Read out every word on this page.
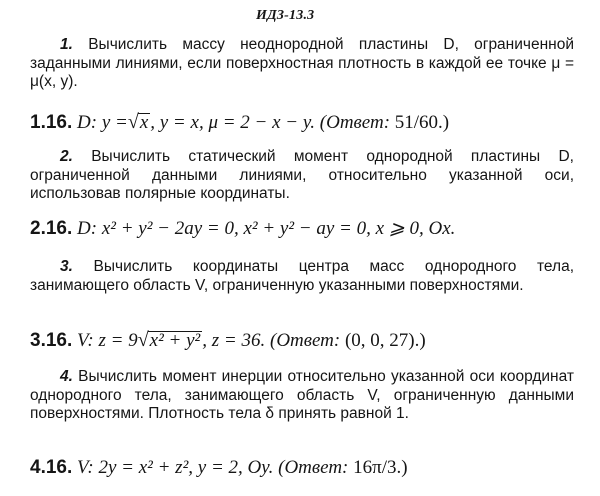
ИДЗ-13.3
1. Вычислить массу неоднородной пластины D, ограниченной заданными линиями, если поверхностная плотность в каждой ее точке μ = μ(x, y).
1.16. D: y =√x , y = x, μ = 2 − x − y. (Ответ: 51/60.)
2. Вычислить статический момент однородной пластины D, ограниченной данными линиями, относительно указанной оси, использовав полярные координаты.
2.16. D: x² + y² − 2ay = 0, x² + y² − ay = 0, x ⩾ 0, Ox.
3. Вычислить координаты центра масс однородного тела, занимающего область V, ограниченную указанными поверхностями.
3.16. V: z = 9√x² + y² , z = 36. (Ответ: (0, 0, 27).)
4. Вычислить момент инерции относительно указанной оси координат однородного тела, занимающего область V, ограниченную данными поверхностями. Плотность тела δ принять равной 1.
4.16. V: 2y = x² + z², y = 2, Oy. (Ответ: 16π/3.)
